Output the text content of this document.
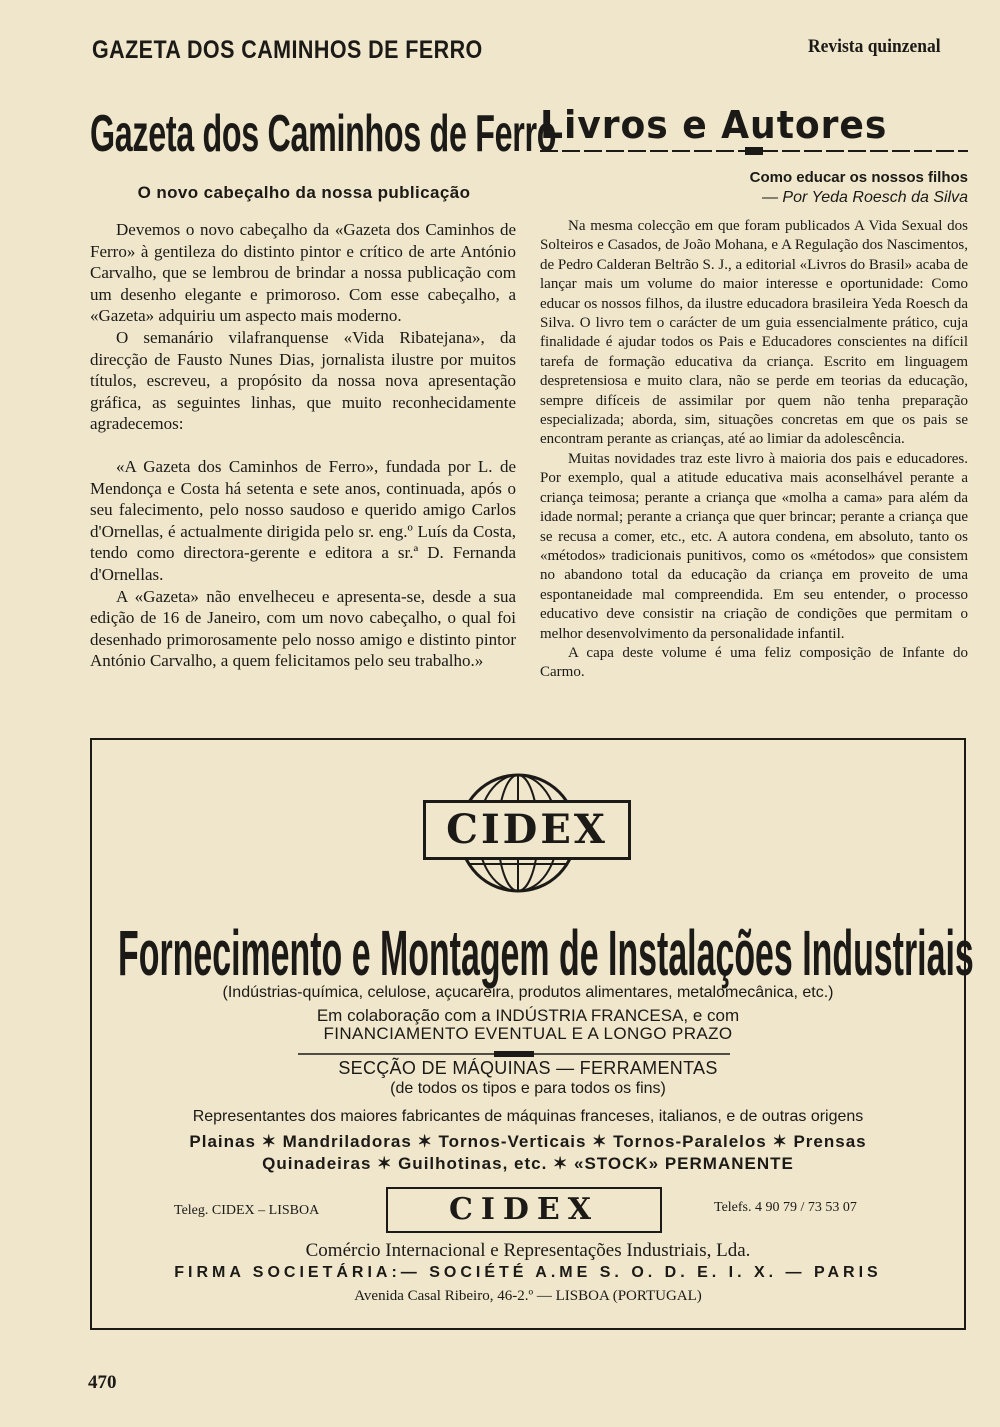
GAZETA DOS CAMINHOS DE FERRO	Revista quinzenal
Gazeta dos Caminhos de Ferro
O novo cabeçalho da nossa publicação

Devemos o novo cabeçalho da «Gazeta dos Caminhos de Ferro» à gentileza do distinto pintor e crítico de arte António Carvalho, que se lembrou de brindar a nossa publicação com um desenho elegante e primoroso. Com esse cabeçalho, a «Gazeta» adquiriu um aspecto mais moderno.

O semanário vilafranquense «Vida Ribatejana», da direcção de Fausto Nunes Dias, jornalista ilustre por muitos títulos, escreveu, a propósito da nossa nova apresentação gráfica, as seguintes linhas, que muito reconhecidamente agradecemos:

«A Gazeta dos Caminhos de Ferro», fundada por L. de Mendonça e Costa há setenta e sete anos, continuada, após o seu falecimento, pelo nosso saudoso e querido amigo Carlos d'Ornellas, é actualmente dirigida pelo sr. eng.º Luís da Costa, tendo como directora-gerente e editora a sr.ª D. Fernanda d'Ornellas.

A «Gazeta» não envelheceu e apresenta-se, desde a sua edição de 16 de Janeiro, com um novo cabeçalho, o qual foi desenhado primorosamente pelo nosso amigo e distinto pintor António Carvalho, a quem felicitamos pelo seu trabalho.»

Livros e Autores
Como educar os nossos filhos
— Por Yeda Roesch da Silva

Na mesma colecção em que foram publicados A Vida Sexual dos Solteiros e Casados, de João Mohana, e A Regulação dos Nascimentos, de Pedro Calderan Beltrão S. J., a editorial «Livros do Brasil» acaba de lançar mais um volume do maior interesse e oportunidade: Como educar os nossos filhos, da ilustre educadora brasileira Yeda Roesch da Silva. O livro tem o carácter de um guia essencialmente prático, cuja finalidade é ajudar todos os Pais e Educadores conscientes na difícil tarefa de formação educativa da criança. Escrito em linguagem despretensiosa e muito clara, não se perde em teorias da educação, sempre difíceis de assimilar por quem não tenha preparação especializada; aborda, sim, situações concretas em que os pais se encontram perante as crianças, até ao limiar da adolescência.

Muitas novidades traz este livro à maioria dos pais e educadores. Por exemplo, qual a atitude educativa mais aconselhável perante a criança teimosa; perante a criança que «molha a cama» para além da idade normal; perante a criança que quer brincar; perante a criança que se recusa a comer, etc., etc. A autora condena, em absoluto, tanto os «métodos» tradicionais punitivos, como os «métodos» que consistem no abandono total da educação da criança em proveito de uma espontaneidade mal compreendida. Em seu entender, o processo educativo deve consistir na criação de condições que permitam o melhor desenvolvimento da personalidade infantil.

A capa deste volume é uma feliz composição de Infante do Carmo.

CIDEX
Fornecimento e Montagem de Instalações Industriais
(Indústrias-química, celulose, açucareira, produtos alimentares, metalomecânica, etc.)
Em colaboração com a INDÚSTRIA FRANCESA, e com
FINANCIAMENTO EVENTUAL E A LONGO PRAZO
SECÇÃO DE MÁQUINAS — FERRAMENTAS
(de todos os tipos e para todos os fins)
Representantes dos maiores fabricantes de máquinas franceses, italianos, e de outras origens
Plainas ✶ Mandriladoras ✶ Tornos-Verticais ✶ Tornos-Paralelos ✶ Prensas
Quinadeiras ✶ Guilhotinas, etc. ✶ «STOCK» PERMANENTE
Teleg. CIDEX – LISBOA	CIDEX	Telefs. 4 90 79 / 73 53 07
Comércio Internacional e Representações Industriais, Lda.
FIRMA SOCIETÁRIA:— SOCIÉTÉ A.ME S. O. D. E. I. X. — PARIS
Avenida Casal Ribeiro, 46-2.º — LISBOA (PORTUGAL)
470
